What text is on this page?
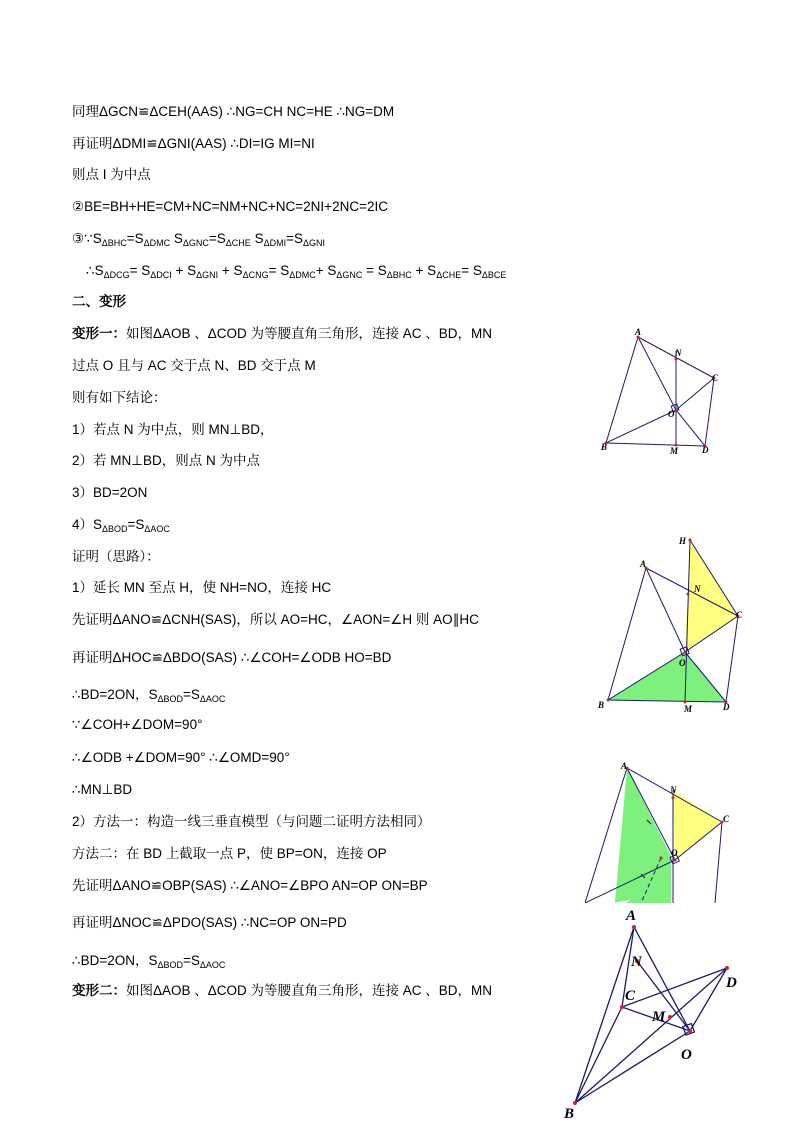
同理ΔGCN≌ΔCEH(AAS) ∴NG=CH NC=HE ∴NG=DM
再证明ΔDMI≌ΔGNI(AAS) ∴DI=IG MI=NI
则点 I 为中点
②BE=BH+HE=CM+NC=NM+NC+NC=2NI+2NC=2IC
$③\because S_{\Delta BHC}=S_{\Delta DMC}$ $S_{\Delta GNC}=S_{\Delta CHE}$ $S_{\Delta DMI}=S_{\Delta GNI}$
$\therefore S_{\Delta DCG}= S_{\Delta DCI} + S_{\Delta GNI} + S_{\Delta CNG}= S_{\Delta DMC}+ S_{\Delta GNC} = S_{\Delta BHC} + S_{\Delta CHE}= S_{\Delta BCE}$
二、变形
变形一：如图ΔAOB 、ΔCOD 为等腰直角三角形，连接 AC 、BD，MN
过点 O 且与 AC 交于点 N、BD 交于点 M
则有如下结论：
1）若点 N 为中点，则 MN⊥BD，
2）若 MN⊥BD，则点 N 为中点
3）BD=2ON
$4)S_{\Delta BOD}=S_{\Delta AOC}$
证明（思路）：
1）延长 MN 至点 H，使 NH=NO，连接 HC
先证明ΔANO≌ΔCNH(SAS)，所以 AO=HC，∠AON=∠H 则 AO∥HC
再证明ΔHOC≌ΔBDO(SAS) ∴∠COH=∠ODB HO=BD
∴BD=2ON，$S_{\Delta BOD}=S_{\Delta AOC}$
∵∠COH+∠DOM=90°
∴∠ODB +∠DOM=90° ∴∠OMD=90°
∴MN⊥BD
2）方法一：构造一线三垂直模型（与问题二证明方法相同）
方法二：在 BD 上截取一点 P，使 BP=ON，连接 OP
先证明ΔANO≌OBP(SAS) ∴∠ANO=∠BPO AN=OP ON=BP
再证明ΔNOC≌ΔPDO(SAS) ∴NC=OP ON=PD
∴BD=2ON，$S_{\Delta BOD}=S_{\Delta AOC}$
变形二：如图ΔAOB 、ΔCOD 为等腰直角三角形，连接 AC 、BD，MN
A
N
C
O
B	M	D
H
A
N
C
O
B	M	D
A
N
C
O
A
N
D
C
M
O
B
